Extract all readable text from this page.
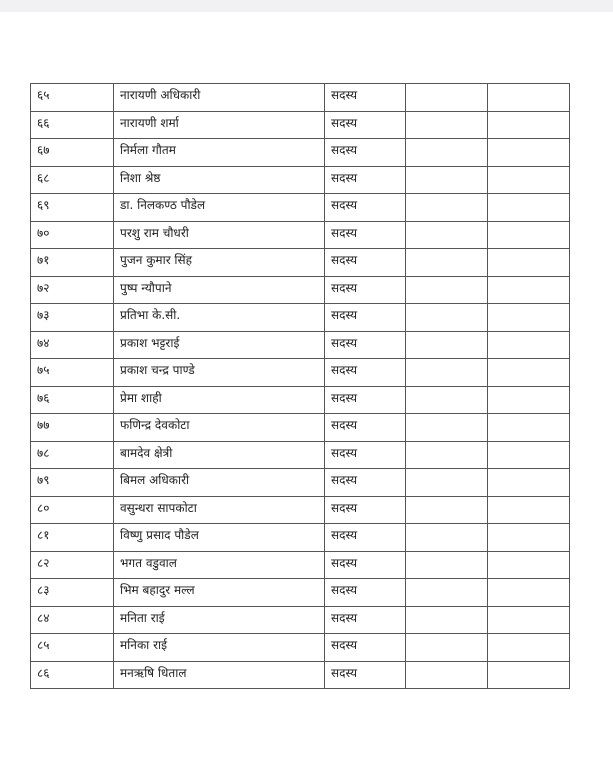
६५	नारायणी अधिकारी	सदस्य		
६६	नारायणी शर्मा	सदस्य		
६७	निर्मला गौतम	सदस्य		
६८	निशा श्रेष्ठ	सदस्य		
६९	डा. निलकण्ठ पौडेल	सदस्य		
७०	परशु राम चौधरी	सदस्य		
७१	पुजन कुमार सिंह	सदस्य		
७२	पुष्प न्यौपाने	सदस्य		
७३	प्रतिभा के.सी.	सदस्य		
७४	प्रकाश भट्टराई	सदस्य		
७५	प्रकाश चन्द्र पाण्डे	सदस्य		
७६	प्रेमा शाही	सदस्य		
७७	फणिन्द्र देवकोटा	सदस्य		
७८	बामदेव क्षेत्री	सदस्य		
७९	बिमल अधिकारी	सदस्य		
८०	वसुन्धरा सापकोटा	सदस्य		
८१	विष्णु प्रसाद पौडेल	सदस्य		
८२	भगत वडुवाल	सदस्य		
८३	भिम बहादुर मल्ल	सदस्य		
८४	मनिता राई	सदस्य		
८५	मनिका राई	सदस्य		
८६	मनऋषि धिताल	सदस्य		
